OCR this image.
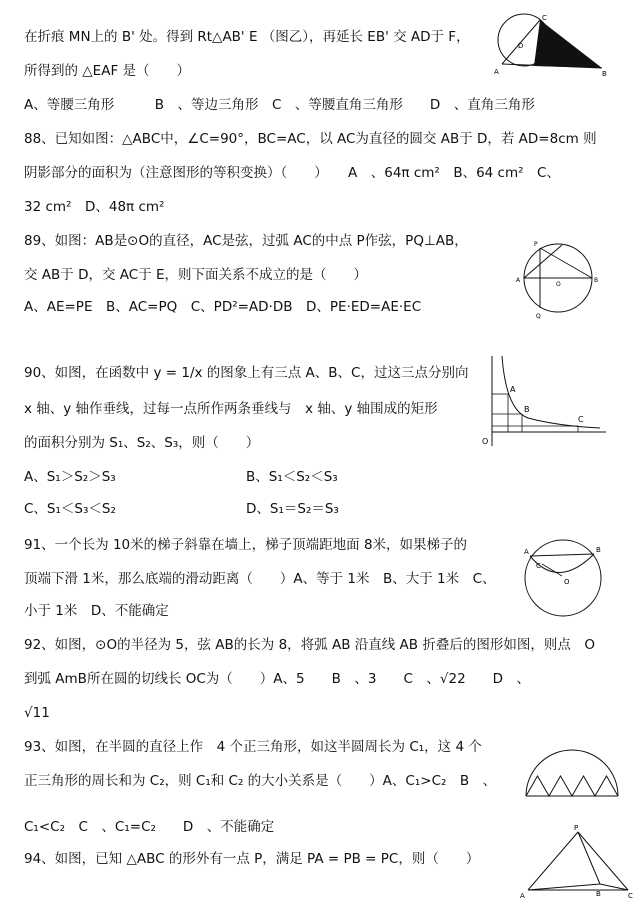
在折痕 MN上的 B' 处。得到 Rt△AB' E （图乙），再延长 EB' 交 AD于 F，
所得到的 △EAF 是（　　）
A、等腰三角形　　　B　、等边三角形　C　、等腰直角三角形　　D　、直角三角形
88、已知如图：△ABC中，∠C=90°，BC=AC，以 AC为直径的圆交 AB于 D，若 AD=8cm 则
阴影部分的面积为（注意图形的等积变换）（　　）　　A　、64π cm²　B、64 cm²　C、
32 cm²　D、48π cm²
89、如图：AB是⊙O的直径，AC是弦，过弧 AC的中点 P作弦，PQ⊥AB，
交 AB于 D，交 AC于 E，则下面关系不成立的是（　　）
A、AE=PE　B、AC=PQ　C、PD²=AD·DB　D、PE·ED=AE·EC
90、如图，在函数中 y = 1/x 的图象上有三点 A、B、C，过这三点分别向
x 轴、y 轴作垂线，过每一点所作两条垂线与　x 轴、y 轴围成的矩形
的面积分别为 S₁、S₂、S₃，则（　　）
A、S₁＞S₂＞S₃	B、S₁＜S₂＜S₃
C、S₁＜S₃＜S₂	D、S₁＝S₂＝S₃
91、一个长为 10米的梯子斜靠在墙上，梯子顶端距地面 8米，如果梯子的
顶端下滑 1米，那么底端的滑动距离（　　）A、等于 1米　B、大于 1米　C、
小于 1米　D、不能确定
92、如图，⊙O的半径为 5，弦 AB的长为 8，将弧 AB 沿直线 AB 折叠后的图形如图，则点　O
到弧 AmB所在圆的切线长 OC为（　　）A、5　　B　、3　　C　、√22　　D　、
√11
93、如图，在半圆的直径上作　4 个正三角形，如这半圆周长为 C₁，这 4 个
正三角形的周长和为 C₂，则 C₁和 C₂ 的大小关系是（　　）A、C₁>C₂　B　、
C₁<C₂　C　、C₁=C₂　　D　、不能确定
94、如图，已知 △ABC 的形外有一点 P，满足 PA = PB = PC，则（　　）
C
A	B
D
P
A	B
Q
O
A
B
C
O
A	B
C
O
P
A	B	C
